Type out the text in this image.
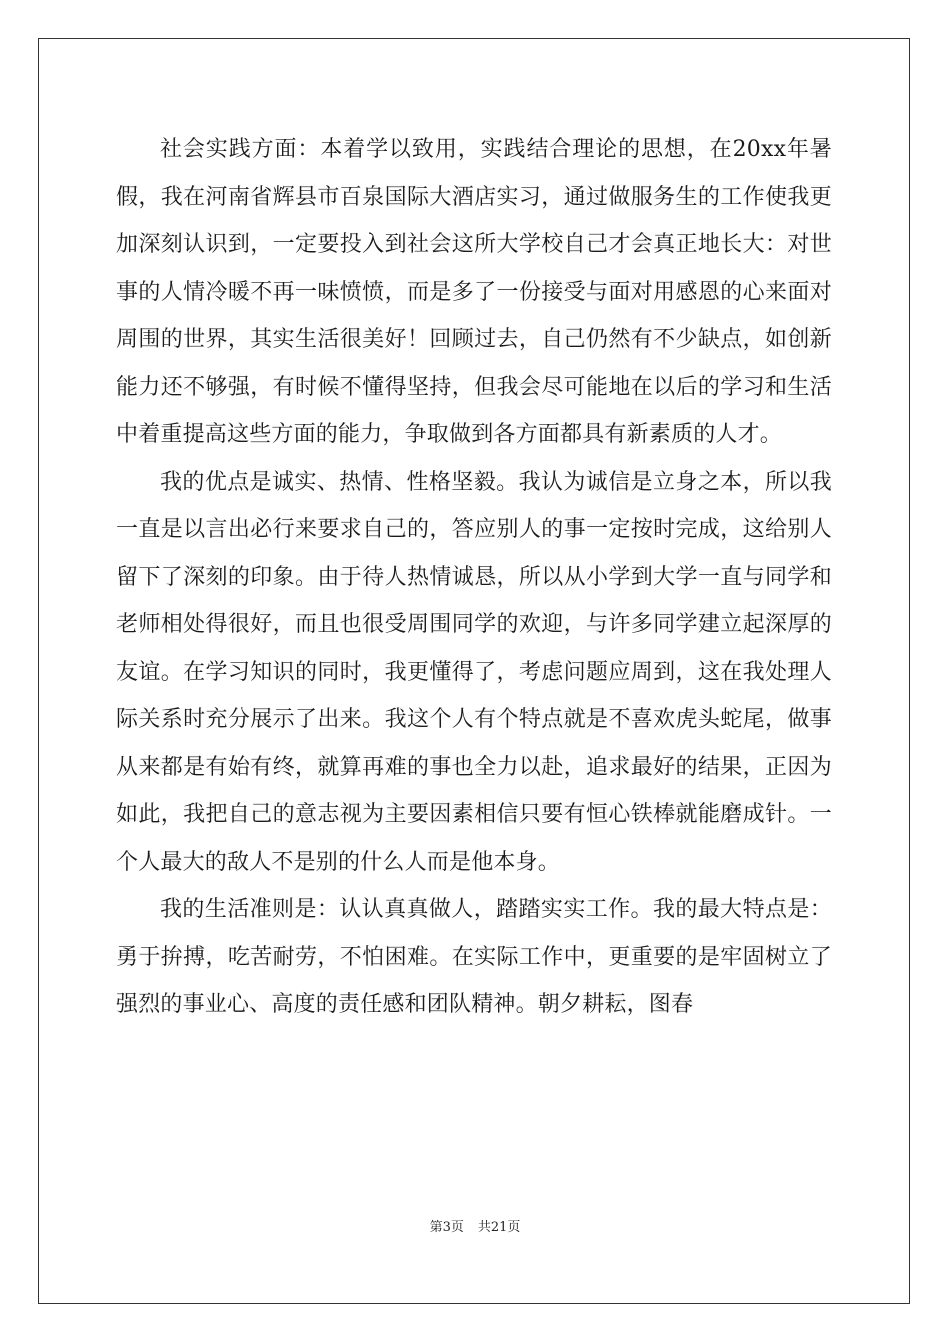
社会实践方面：本着学以致用，实践结合理论的思想，在20xx年暑假，我在河南省辉县市百泉国际大酒店实习，通过做服务生的工作使我更加深刻认识到，一定要投入到社会这所大学校自己才会真正地长大：对世事的人情冷暖不再一味愤愤，而是多了一份接受与面对用感恩的心来面对周围的世界，其实生活很美好！回顾过去，自己仍然有不少缺点，如创新能力还不够强，有时候不懂得坚持，但我会尽可能地在以后的学习和生活中着重提高这些方面的能力，争取做到各方面都具有新素质的人才。

我的优点是诚实、热情、性格坚毅。我认为诚信是立身之本，所以我一直是以言出必行来要求自己的，答应别人的事一定按时完成，这给别人留下了深刻的印象。由于待人热情诚恳，所以从小学到大学一直与同学和老师相处得很好，而且也很受周围同学的欢迎，与许多同学建立起深厚的友谊。在学习知识的同时，我更懂得了，考虑问题应周到，这在我处理人际关系时充分展示了出来。我这个人有个特点就是不喜欢虎头蛇尾，做事从来都是有始有终，就算再难的事也全力以赴，追求最好的结果，正因为如此，我把自己的意志视为主要因素相信只要有恒心铁棒就能磨成针。一个人最大的敌人不是别的什么人而是他本身。

我的生活准则是：认认真真做人，踏踏实实工作。我的最大特点是：勇于拚搏，吃苦耐劳，不怕困难。在实际工作中，更重要的是牢固树立了强烈的事业心、高度的责任感和团队精神。朝夕耕耘，图春

第3页 共21页
